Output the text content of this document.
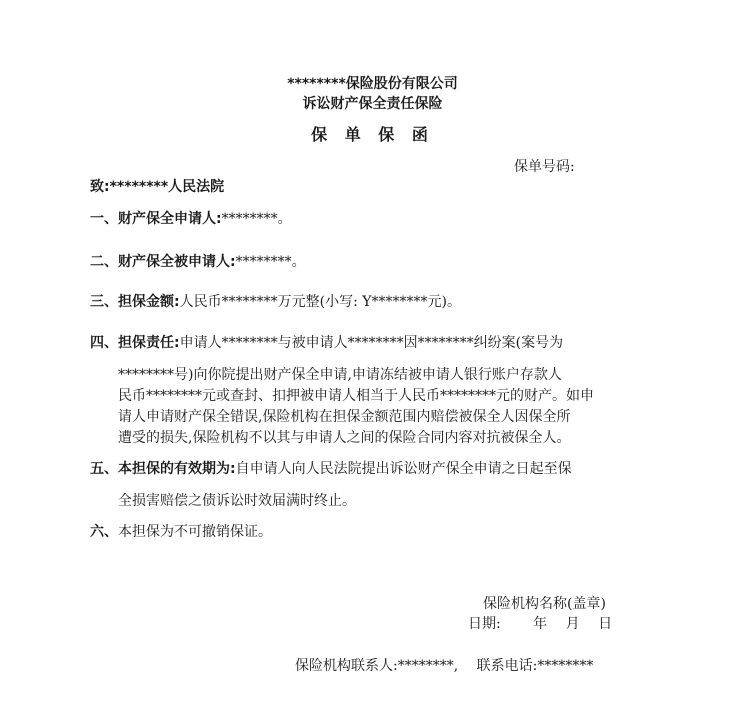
********保险股份有限公司
诉讼财产保全责任保险
保 单 保 函
保单号码:
致:********人民法院
一、财产保全申请人:********。
二、财产保全被申请人:********。
三、担保金额:人民币********万元整(小写: Y********元)。
四、担保责任:申请人********与被申请人********因********纠纷案(案号为
********号)向你院提出财产保全申请,申请冻结被申请人银行账户存款人
民币********元或查封、扣押被申请人相当于人民币********元的财产。如申
请人申请财产保全错误,保险机构在担保金额范围内赔偿被保全人因保全所
遭受的损失,保险机构不以其与申请人之间的保险合同内容对抗被保全人。
五、本担保的有效期为:自申请人向人民法院提出诉讼财产保全申请之日起至保
全损害赔偿之债诉讼时效届满时终止。
六、本担保为不可撤销保证。
保险机构名称(盖章)
日期:　　 年　 月　 日
保险机构联系人:********,　 联系电话:********
